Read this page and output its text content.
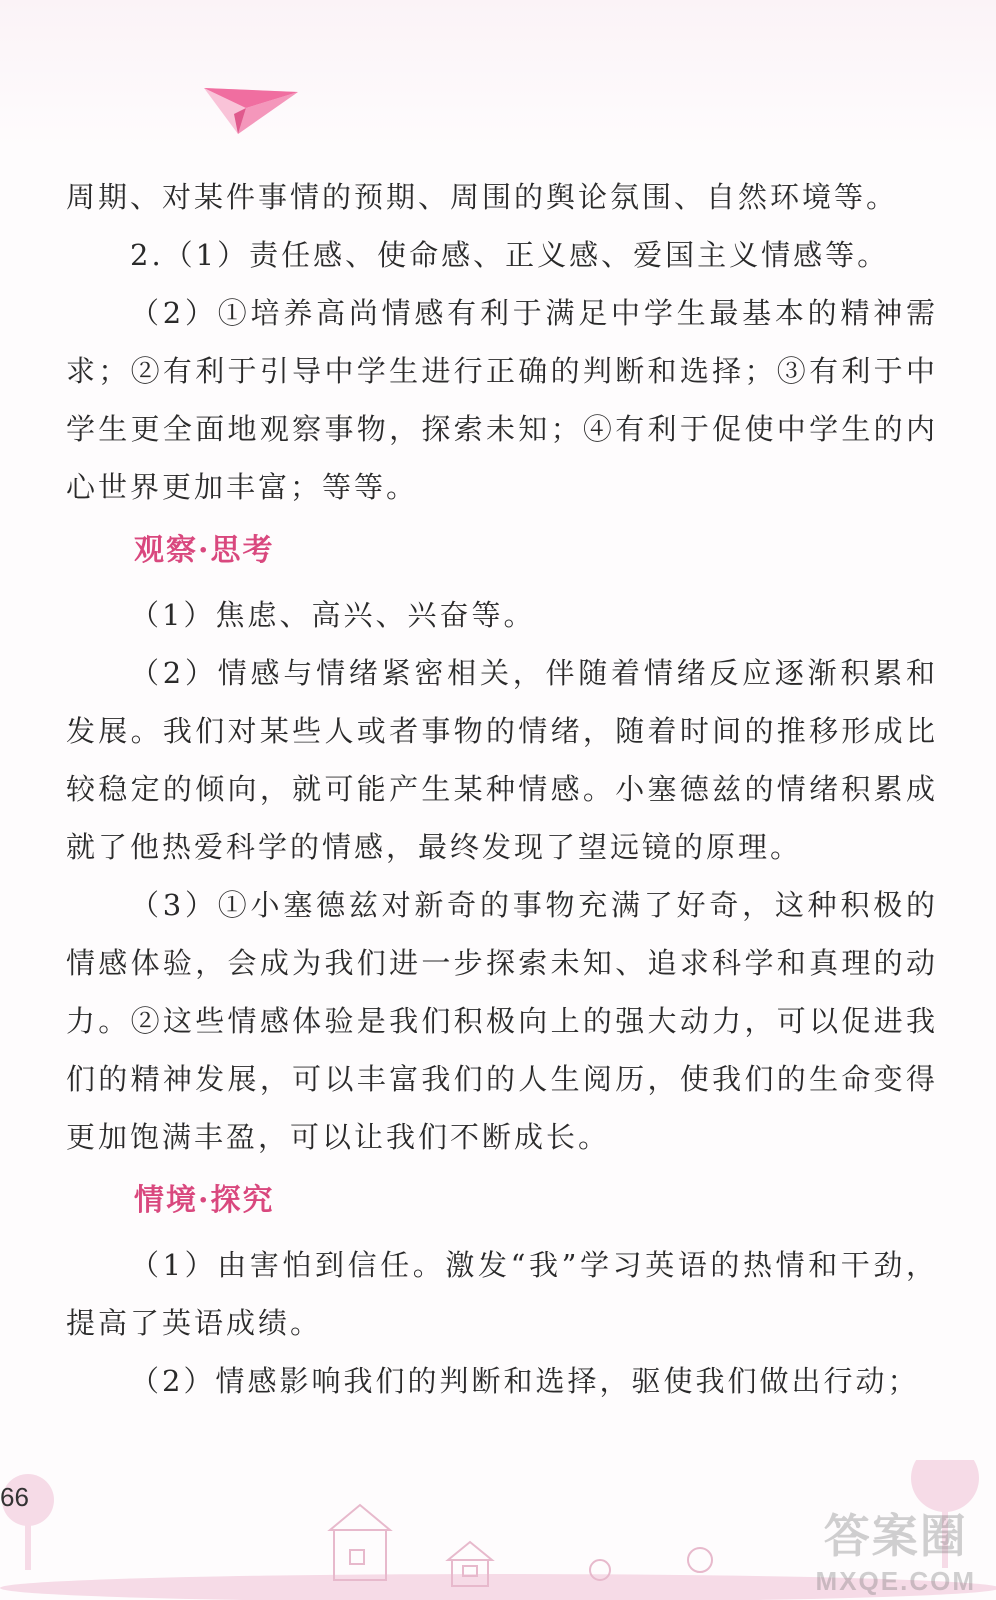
周期、对某件事情的预期、周围的舆论氛围、自然环境等。

2.（1）责任感、使命感、正义感、爱国主义情感等。

（2）①培养高尚情感有利于满足中学生最基本的精神需求；②有利于引导中学生进行正确的判断和选择；③有利于中学生更全面地观察事物，探索未知；④有利于促使中学生的内心世界更加丰富；等等。

观察·思考

（1）焦虑、高兴、兴奋等。

（2）情感与情绪紧密相关，伴随着情绪反应逐渐积累和发展。我们对某些人或者事物的情绪，随着时间的推移形成比较稳定的倾向，就可能产生某种情感。小塞德兹的情绪积累成就了他热爱科学的情感，最终发现了望远镜的原理。

（3）①小塞德兹对新奇的事物充满了好奇，这种积极的情感体验，会成为我们进一步探索未知、追求科学和真理的动力。②这些情感体验是我们积极向上的强大动力，可以促进我们的精神发展，可以丰富我们的人生阅历，使我们的生命变得更加饱满丰盈，可以让我们不断成长。

情境·探究

（1）由害怕到信任。激发“我”学习英语的热情和干劲，提高了英语成绩。

（2）情感影响我们的判断和选择，驱使我们做出行动；

66
答案圈
MXQE.COM
